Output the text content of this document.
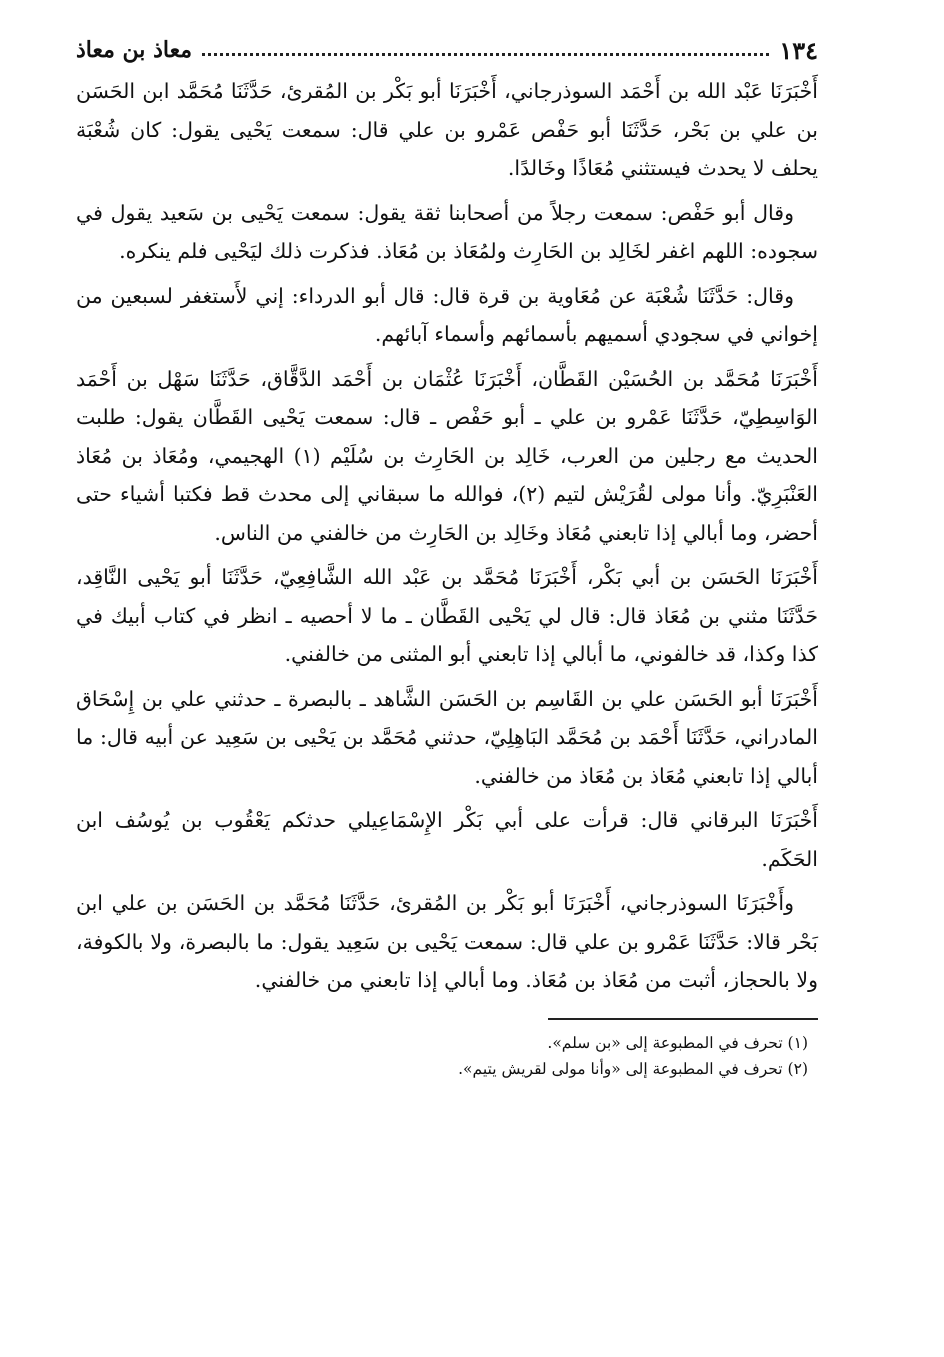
١٣٤
معاذ بن معاذ

أَخْبَرَنَا عَبْد الله بن أَحْمَد السوذرجاني، أَخْبَرَنَا أبو بَكْر بن المُقرئ، حَدَّثَنَا مُحَمَّد ابن الحَسَن بن علي بن بَحْر، حَدَّثَنَا أبو حَفْص عَمْرو بن علي قال: سمعت يَحْيى يقول: كان شُعْبَة يحلف لا يحدث فيستثني مُعَاذًا وخَالدًا.

وقال أبو حَفْص: سمعت رجلاً من أصحابنا ثقة يقول: سمعت يَحْيى بن سَعيد يقول في سجوده: اللهم اغفر لخَالِد بن الحَارِث ولمُعَاذ بن مُعَاذ. فذكرت ذلك ليَحْيى فلم ينكره.

وقال: حَدَّثَنَا شُعْبَة عن مُعَاوية بن قرة قال: قال أبو الدرداء: إني لأَستغفر لسبعين من إخواني في سجودي أسميهم بأسمائهم وأسماء آبائهم.

أَخْبَرَنَا مُحَمَّد بن الحُسَيْن القَطَّان، أَخْبَرَنَا عُثْمَان بن أَحْمَد الدَّقَّاق، حَدَّثَنَا سَهْل بن أَحْمَد الوَاسِطِيّ، حَدَّثَنَا عَمْرو بن علي ـ أبو حَفْص ـ قال: سمعت يَحْيى القَطَّان يقول: طلبت الحديث مع رجلين من العرب، خَالِد بن الحَارِث بن سُلَيْم (١) الهجيمي، ومُعَاذ بن مُعَاذ العَنْبَرِيّ. وأنا مولى لقُرَيْش لتيم (٢)، فوالله ما سبقاني إلى محدث قط فكتبا أشياء حتى أحضر، وما أبالي إذا تابعني مُعَاذ وخَالِد بن الحَارِث من خالفني من الناس.

أَخْبَرَنَا الحَسَن بن أبي بَكْر، أَخْبَرَنَا مُحَمَّد بن عَبْد الله الشَّافِعِيّ، حَدَّثَنَا أبو يَحْيى النَّاقِد، حَدَّثَنَا مثني بن مُعَاذ قال: قال لي يَحْيى القَطَّان ـ ما لا أحصيه ـ انظر في كتاب أبيك في كذا وكذا، قد خالفوني، ما أبالي إذا تابعني أبو المثنى من خالفني.

أَخْبَرَنَا أبو الحَسَن علي بن القَاسِم بن الحَسَن الشَّاهد ـ بالبصرة ـ حدثني علي بن إِسْحَاق المادراني، حَدَّثَنَا أَحْمَد بن مُحَمَّد البَاهِلِيّ، حدثني مُحَمَّد بن يَحْيى بن سَعِيد عن أبيه قال: ما أبالي إذا تابعني مُعَاذ بن مُعَاذ من خالفني.

أَخْبَرَنَا البرقاني قال: قرأت على أبي بَكْر الإِسْمَاعِيلي حدثكم يَعْقُوب بن يُوسُف ابن الحَكَم.

وأَخْبَرَنَا السوذرجاني، أَخْبَرَنَا أبو بَكْر بن المُقرئ، حَدَّثَنَا مُحَمَّد بن الحَسَن بن علي ابن بَحْر قالا: حَدَّثَنَا عَمْرو بن علي قال: سمعت يَحْيى بن سَعِيد يقول: ما بالبصرة، ولا بالكوفة، ولا بالحجاز، أثبت من مُعَاذ بن مُعَاذ. وما أبالي إذا تابعني من خالفني.

(١) تحرف في المطبوعة إلى «بن سلم».
(٢) تحرف في المطبوعة إلى «وأنا مولى لقريش يتيم».
